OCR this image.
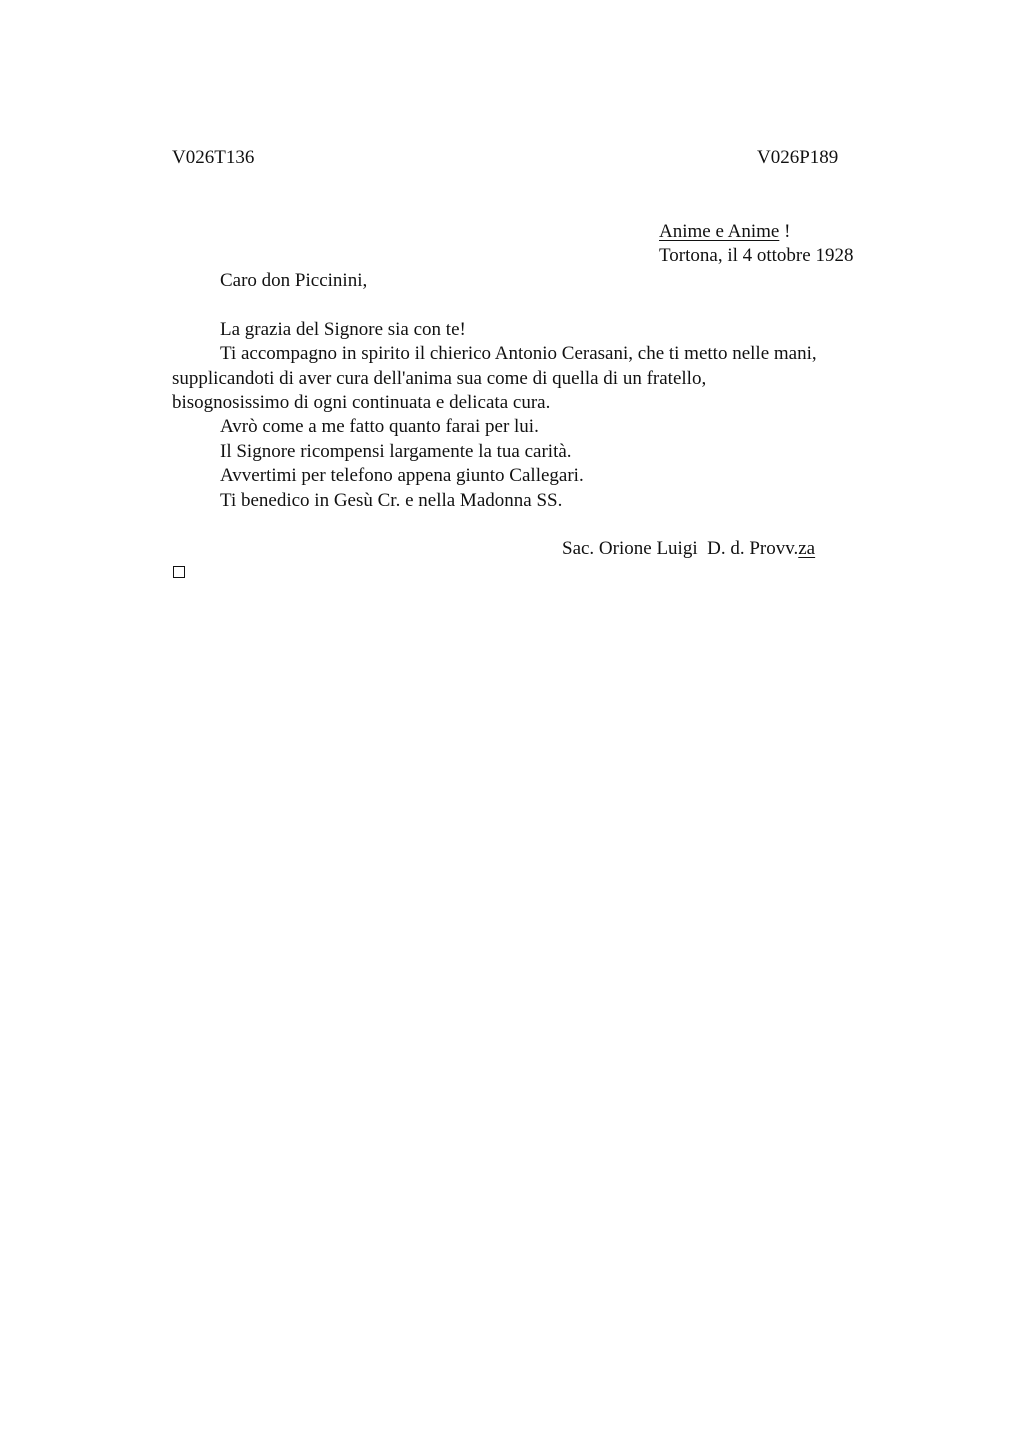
V026T136	V026P189
Anime e Anime !
Tortona, il 4 ottobre 1928
Caro don Piccinini,
La grazia del Signore sia con te!
Ti accompagno in spirito il chierico Antonio Cerasani, che ti metto nelle mani,
supplicandoti di aver cura dell'anima sua come di quella di un fratello,
bisognosissimo di ogni continuata e delicata cura.
Avrò come a me fatto quanto farai per lui.
Il Signore ricompensi largamente la tua carità.
Avvertimi per telefono appena giunto Callegari.
Ti benedico in Gesù Cr. e nella Madonna SS.
Sac. Orione Luigi  D. d. Provv.za
